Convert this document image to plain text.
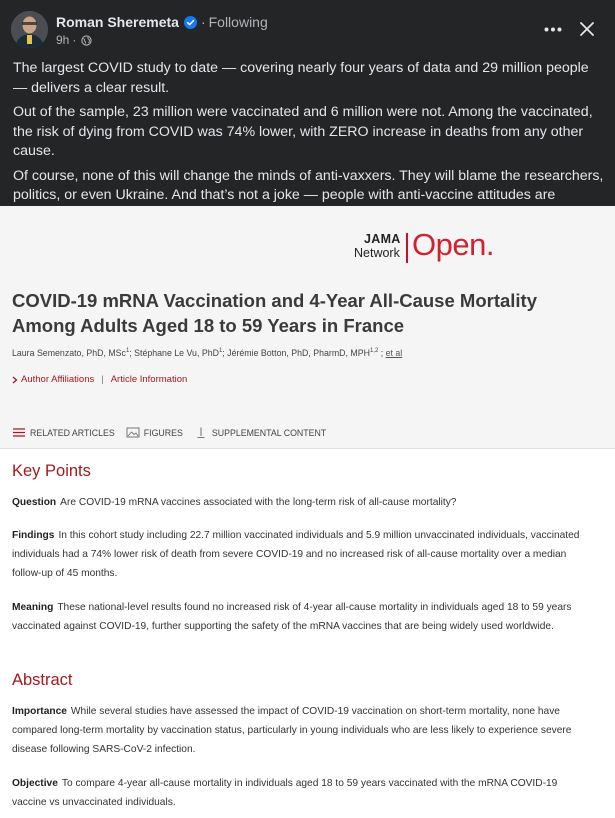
Roman Sheremeta · Following
9h ·

The largest COVID study to date — covering nearly four years of data and 29 million people — delivers a clear result.

Out of the sample, 23 million were vaccinated and 6 million were not. Among the vaccinated, the risk of dying from COVID was 74% lower, with ZERO increase in deaths from any other cause.

Of course, none of this will change the minds of anti-vaxxers. They will blame the researchers, politics, or even Ukraine. And that’s not a joke — people with anti-vaccine attitudes are

JAMA
Network Open.
COVID-19 mRNA Vaccination and 4-Year All-Cause Mortality Among Adults Aged 18 to 59 Years in France
Laura Semenzato, PhD, MSc$^1$; Stéphane Le Vu, PhD$^1$; Jérémie Botton, PhD, PharmD, MPH$^{1,2}$ ; et al
Author Affiliations | Article Information
RELATED ARTICLES	FIGURES	SUPPLEMENTAL CONTENT
Key Points
Question Are COVID-19 mRNA vaccines associated with the long-term risk of all-cause mortality?
Findings In this cohort study including 22.7 million vaccinated individuals and 5.9 million unvaccinated individuals, vaccinated individuals had a 74% lower risk of death from severe COVID-19 and no increased risk of all-cause mortality over a median follow-up of 45 months.
Meaning These national-level results found no increased risk of 4-year all-cause mortality in individuals aged 18 to 59 years vaccinated against COVID-19, further supporting the safety of the mRNA vaccines that are being widely used worldwide.
Abstract
Importance While several studies have assessed the impact of COVID-19 vaccination on short-term mortality, none have compared long-term mortality by vaccination status, particularly in young individuals who are less likely to experience severe disease following SARS-CoV-2 infection.
Objective To compare 4-year all-cause mortality in individuals aged 18 to 59 years vaccinated with the mRNA COVID-19 vaccine vs unvaccinated individuals.
